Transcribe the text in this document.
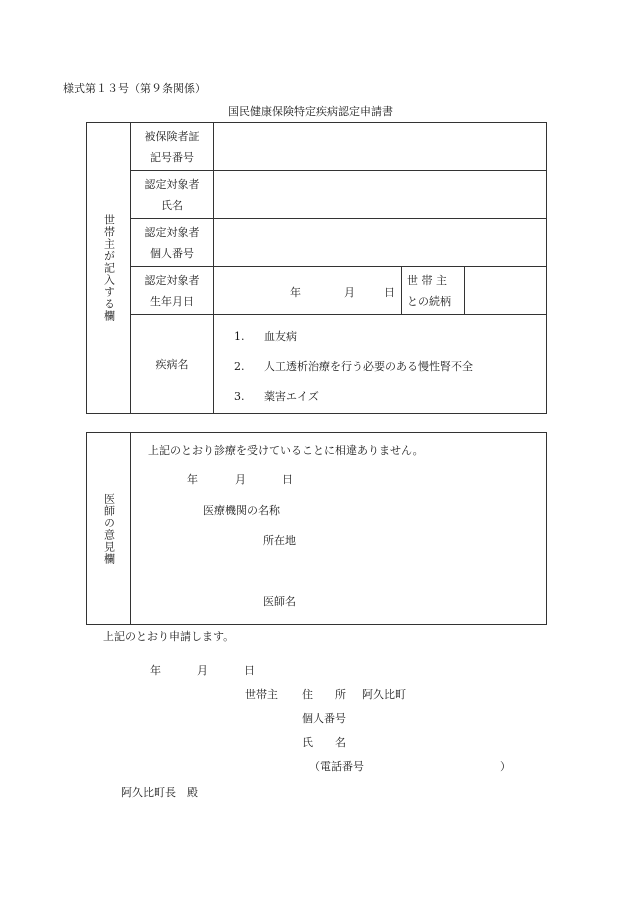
様式第１３号（第９条関係）
国民健康保険特定疾病認定申請書
世帯主が記入する欄	被保険者証
記号番号			

	認定対象者
氏名			

	認定対象者
個人番号			

	認定対象者
生年月日	年 月 日	世 帯 主
との続柄	

	疾病名	1. 血友病
2. 人工透析治療を行う必要のある慢性腎不全
3. 薬害エイズ		
医師の意見欄

上記のとおり診療を受けていることに相違ありません。
年	月	日
医療機関の名称
所在地
医師名
上記のとおり申請します。
年	月	日
世帯主 住　　所 阿久比町
個人番号
氏　　名
（電話番号	）
阿久比町長　殿
